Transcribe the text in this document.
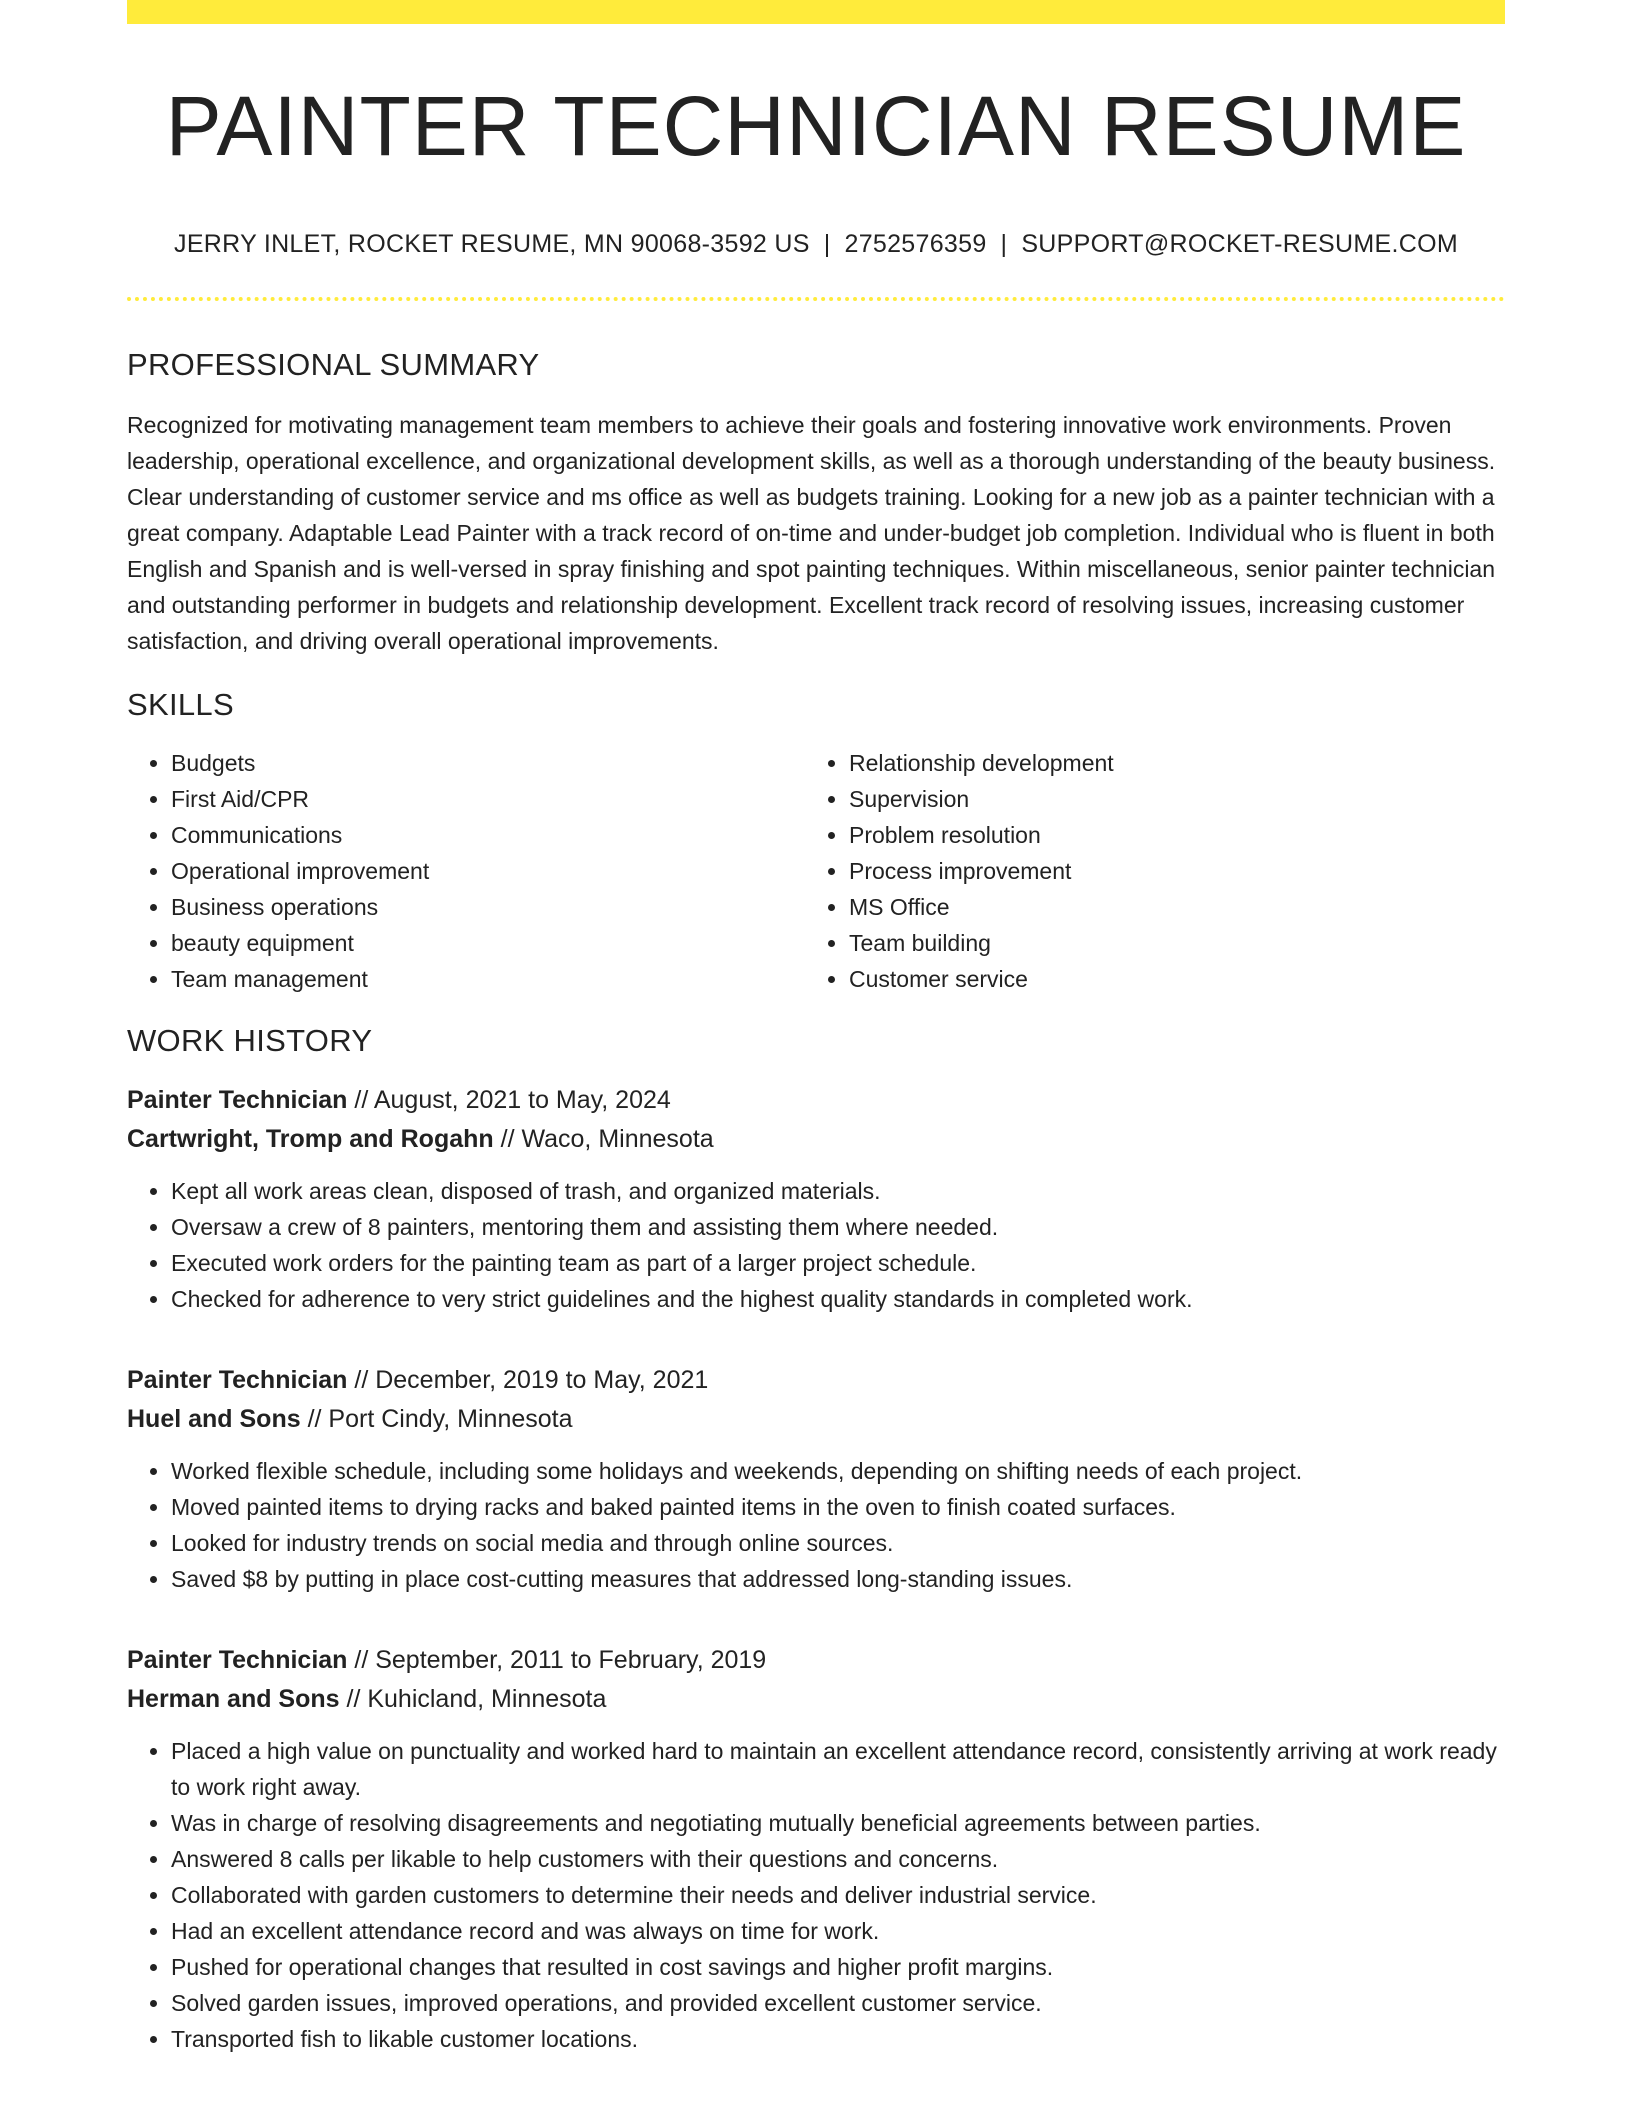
PAINTER TECHNICIAN RESUME
JERRY INLET, ROCKET RESUME, MN 90068-3592 US | 2752576359 | SUPPORT@ROCKET-RESUME.COM
PROFESSIONAL SUMMARY

Recognized for motivating management team members to achieve their goals and fostering innovative work environments. Proven leadership, operational excellence, and organizational development skills, as well as a thorough understanding of the beauty business. Clear understanding of customer service and ms office as well as budgets training. Looking for a new job as a painter technician with a great company. Adaptable Lead Painter with a track record of on-time and under-budget job completion. Individual who is fluent in both English and Spanish and is well-versed in spray finishing and spot painting techniques. Within miscellaneous, senior painter technician and outstanding performer in budgets and relationship development. Excellent track record of resolving issues, increasing customer satisfaction, and driving overall operational improvements.

SKILLS
• Budgets
• First Aid/CPR
• Communications
• Operational improvement
• Business operations
• beauty equipment
• Team management
• Relationship development
• Supervision
• Problem resolution
• Process improvement
• MS Office
• Team building
• Customer service
WORK HISTORY
Painter Technician // August, 2021 to May, 2024
Cartwright, Tromp and Rogahn // Waco, Minnesota
• Kept all work areas clean, disposed of trash, and organized materials.
• Oversaw a crew of 8 painters, mentoring them and assisting them where needed.
• Executed work orders for the painting team as part of a larger project schedule.
• Checked for adherence to very strict guidelines and the highest quality standards in completed work.
Painter Technician // December, 2019 to May, 2021
Huel and Sons // Port Cindy, Minnesota
• Worked flexible schedule, including some holidays and weekends, depending on shifting needs of each project.
• Moved painted items to drying racks and baked painted items in the oven to finish coated surfaces.
• Looked for industry trends on social media and through online sources.
• Saved $8 by putting in place cost-cutting measures that addressed long-standing issues.
Painter Technician // September, 2011 to February, 2019
Herman and Sons // Kuhicland, Minnesota
• Placed a high value on punctuality and worked hard to maintain an excellent attendance record, consistently arriving at work ready to work right away.
• Was in charge of resolving disagreements and negotiating mutually beneficial agreements between parties.
• Answered 8 calls per likable to help customers with their questions and concerns.
• Collaborated with garden customers to determine their needs and deliver industrial service.
• Had an excellent attendance record and was always on time for work.
• Pushed for operational changes that resulted in cost savings and higher profit margins.
• Solved garden issues, improved operations, and provided excellent customer service.
• Transported fish to likable customer locations.
